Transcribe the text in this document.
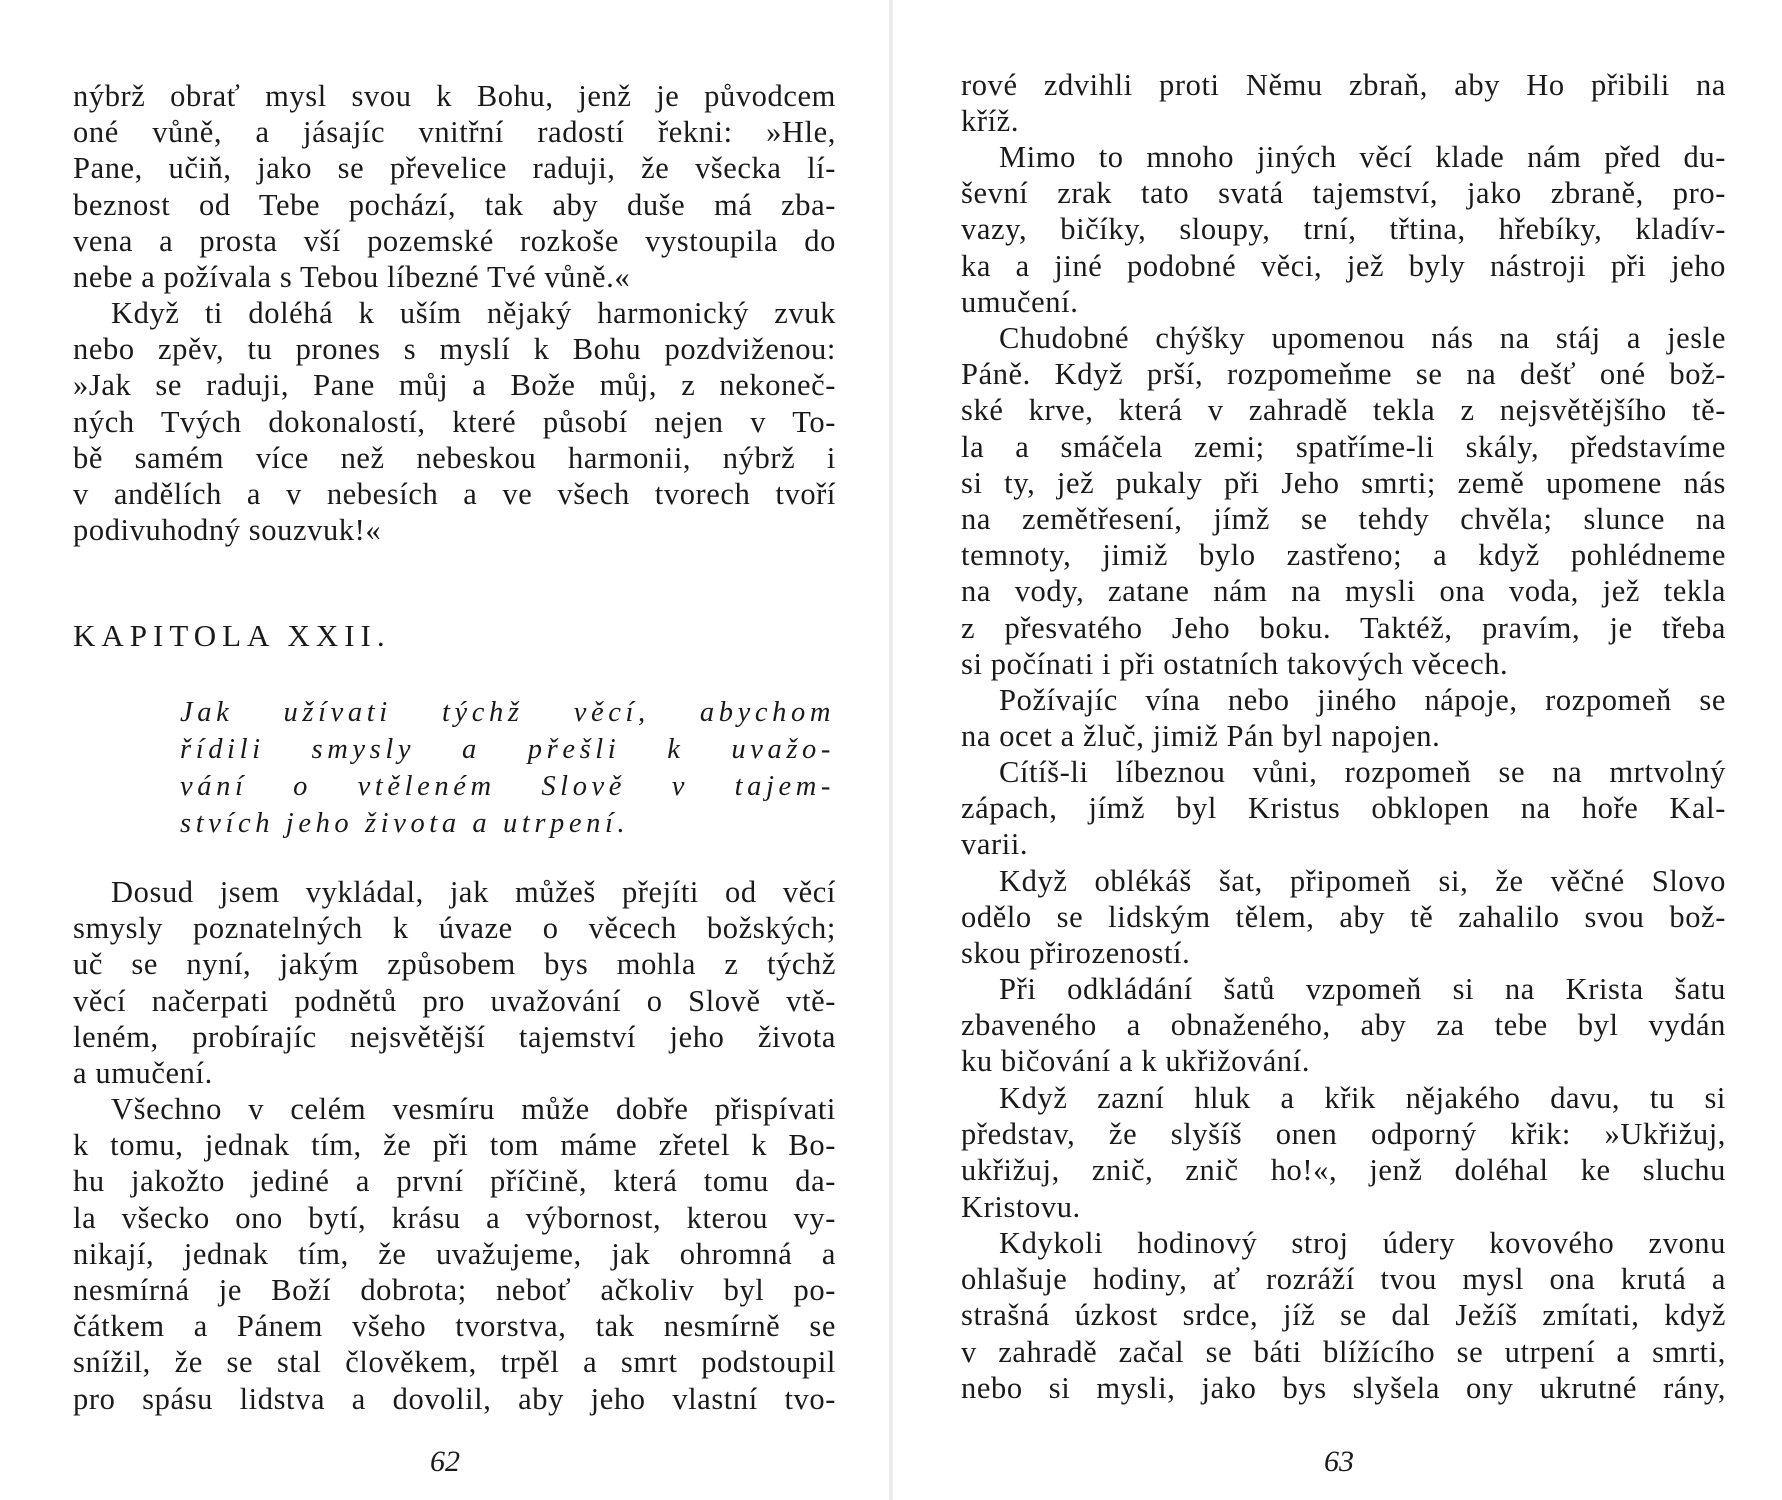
nýbrž obrať mysl svou k Bohu, jenž je původcem
oné vůně, a jásajíc vnitřní radostí řekni: »Hle,
Pane, učiň, jako se převelice raduji, že všecka lí-
beznost od Tebe pochází, tak aby duše má zba-
vena a prosta vší pozemské rozkoše vystoupila do
nebe a požívala s Tebou líbezné Tvé vůně.«
Když ti doléhá k uším nějaký harmonický zvuk
nebo zpěv, tu prones s myslí k Bohu pozdviženou:
»Jak se raduji, Pane můj a Bože můj, z nekoneč-
ných Tvých dokonalostí, které působí nejen v To-
bě samém více než nebeskou harmonii, nýbrž i
v andělích a v nebesích a ve všech tvorech tvoří
podivuhodný souzvuk!«
KAPITOLA XXII.
Jak užívati týchž věcí, abychom
řídili smysly a přešli k uvažo-
vání o vtěleném Slově v tajem-
stvích jeho života a utrpení.
Dosud jsem vykládal, jak můžeš přejíti od věcí
smysly poznatelných k úvaze o věcech božských;
uč se nyní, jakým způsobem bys mohla z týchž
věcí načerpati podnětů pro uvažování o Slově vtě-
leném, probírajíc nejsvětější tajemství jeho života
a umučení.
Všechno v celém vesmíru může dobře přispívati
k tomu, jednak tím, že při tom máme zřetel k Bo-
hu jakožto jediné a první příčině, která tomu da-
la všecko ono bytí, krásu a výbornost, kterou vy-
nikají, jednak tím, že uvažujeme, jak ohromná a
nesmírná je Boží dobrota; neboť ačkoliv byl po-
čátkem a Pánem všeho tvorstva, tak nesmírně se
snížil, že se stal člověkem, trpěl a smrt podstoupil
pro spásu lidstva a dovolil, aby jeho vlastní tvo-
62
rové zdvihli proti Němu zbraň, aby Ho přibili na
kříž.
Mimo to mnoho jiných věcí klade nám před du-
ševní zrak tato svatá tajemství, jako zbraně, pro-
vazy, bičíky, sloupy, trní, třtina, hřebíky, kladív-
ka a jiné podobné věci, jež byly nástroji při jeho
umučení.
Chudobné chýšky upomenou nás na stáj a jesle
Páně. Když prší, rozpomeňme se na dešť oné bož-
ské krve, která v zahradě tekla z nejsvětějšího tě-
la a smáčela zemi; spatříme-li skály, představíme
si ty, jež pukaly při Jeho smrti; země upomene nás
na zemětřesení, jímž se tehdy chvěla; slunce na
temnoty, jimiž bylo zastřeno; a když pohlédneme
na vody, zatane nám na mysli ona voda, jež tekla
z přesvatého Jeho boku. Taktéž, pravím, je třeba
si počínati i při ostatních takových věcech.
Požívajíc vína nebo jiného nápoje, rozpomeň se
na ocet a žluč, jimiž Pán byl napojen.
Cítíš-li líbeznou vůni, rozpomeň se na mrtvolný
zápach, jímž byl Kristus obklopen na hoře Kal-
varii.
Když oblékáš šat, připomeň si, že věčné Slovo
odělo se lidským tělem, aby tě zahalilo svou bož-
skou přirozeností.
Při odkládání šatů vzpomeň si na Krista šatu
zbaveného a obnaženého, aby za tebe byl vydán
ku bičování a k ukřižování.
Když zazní hluk a křik nějakého davu, tu si
představ, že slyšíš onen odporný křik: »Ukřižuj,
ukřižuj, znič, znič ho!«, jenž doléhal ke sluchu
Kristovu.
Kdykoli hodinový stroj údery kovového zvonu
ohlašuje hodiny, ať rozráží tvou mysl ona krutá a
strašná úzkost srdce, jíž se dal Ježíš zmítati, když
v zahradě začal se báti blížícího se utrpení a smrti,
nebo si mysli, jako bys slyšela ony ukrutné rány,
63
